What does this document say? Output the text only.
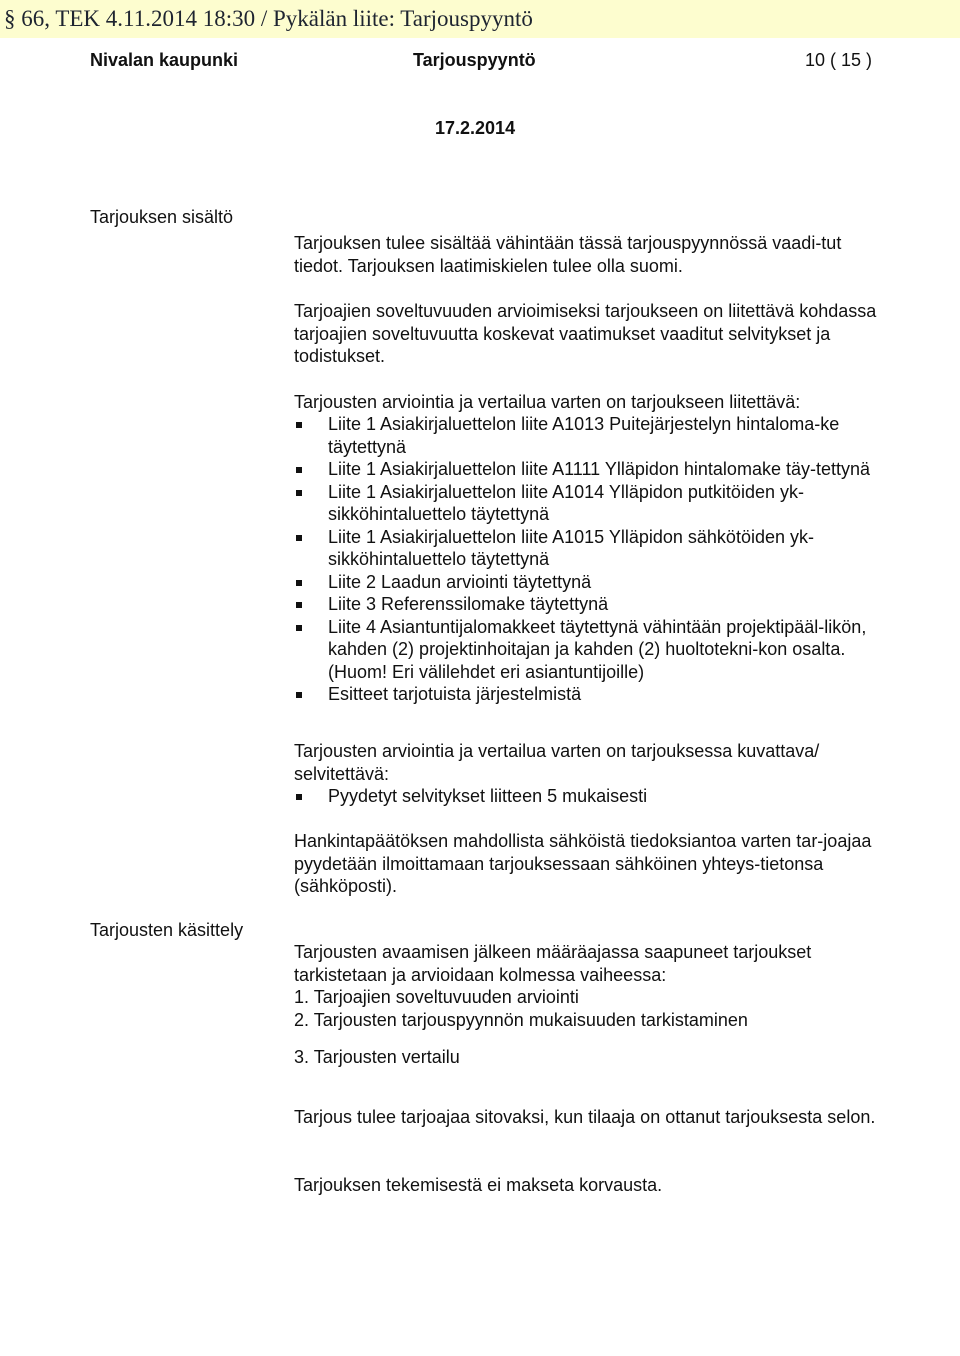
§ 66, TEK 4.11.2014 18:30 / Pykälän liite: Tarjouspyyntö
Nivalan kaupunki	Tarjouspyyntö	10 ( 15 )
17.2.2014
Tarjouksen sisältö

Tarjouksen tulee sisältää vähintään tässä tarjouspyynnössä vaadi-tut tiedot. Tarjouksen laatimiskielen tulee olla suomi.

Tarjoajien soveltuvuuden arvioimiseksi tarjoukseen on liitettävä kohdassa tarjoajien soveltuvuutta koskevat vaatimukset vaaditut selvitykset ja todistukset.

Tarjousten arviointia ja vertailua varten on tarjoukseen liitettävä:

Liite 1 Asiakirjaluettelon liite A1013 Puitejärjestelyn hintaloma-ke täytettynä
Liite 1 Asiakirjaluettelon liite A1111 Ylläpidon hintalomake täy-tettynä
Liite 1 Asiakirjaluettelon liite A1014 Ylläpidon putkitöiden yk-sikköhintaluettelo täytettynä
Liite 1 Asiakirjaluettelon liite A1015 Ylläpidon sähkötöiden yk-sikköhintaluettelo täytettynä
Liite 2 Laadun arviointi täytettynä
Liite 3 Referenssilomake täytettynä
Liite 4 Asiantuntijalomakkeet täytettynä vähintään projektipääl-likön, kahden (2) projektinhoitajan ja kahden (2) huoltotekni-kon osalta. (Huom! Eri välilehdet eri asiantuntijoille)
Esitteet tarjotuista järjestelmistä

Tarjousten arviointia ja vertailua varten on tarjouksessa kuvattava/ selvitettävä:

Pyydetyt selvitykset liitteen 5 mukaisesti
Hankintapäätöksen mahdollista sähköistä tiedoksiantoa varten tar-joajaa pyydetään ilmoittamaan tarjouksessaan sähköinen yhteys-tietonsa (sähköposti).
Tarjousten käsittely

Tarjousten avaamisen jälkeen määräajassa saapuneet tarjoukset tarkistetaan ja arvioidaan kolmessa vaiheessa:

1. Tarjoajien soveltuvuuden arviointi

2. Tarjousten tarjouspyynnön mukaisuuden tarkistaminen

3. Tarjousten vertailu
Tarjous tulee tarjoajaa sitovaksi, kun tilaaja on ottanut tarjouksesta selon.
Tarjouksen tekemisestä ei makseta korvausta.
